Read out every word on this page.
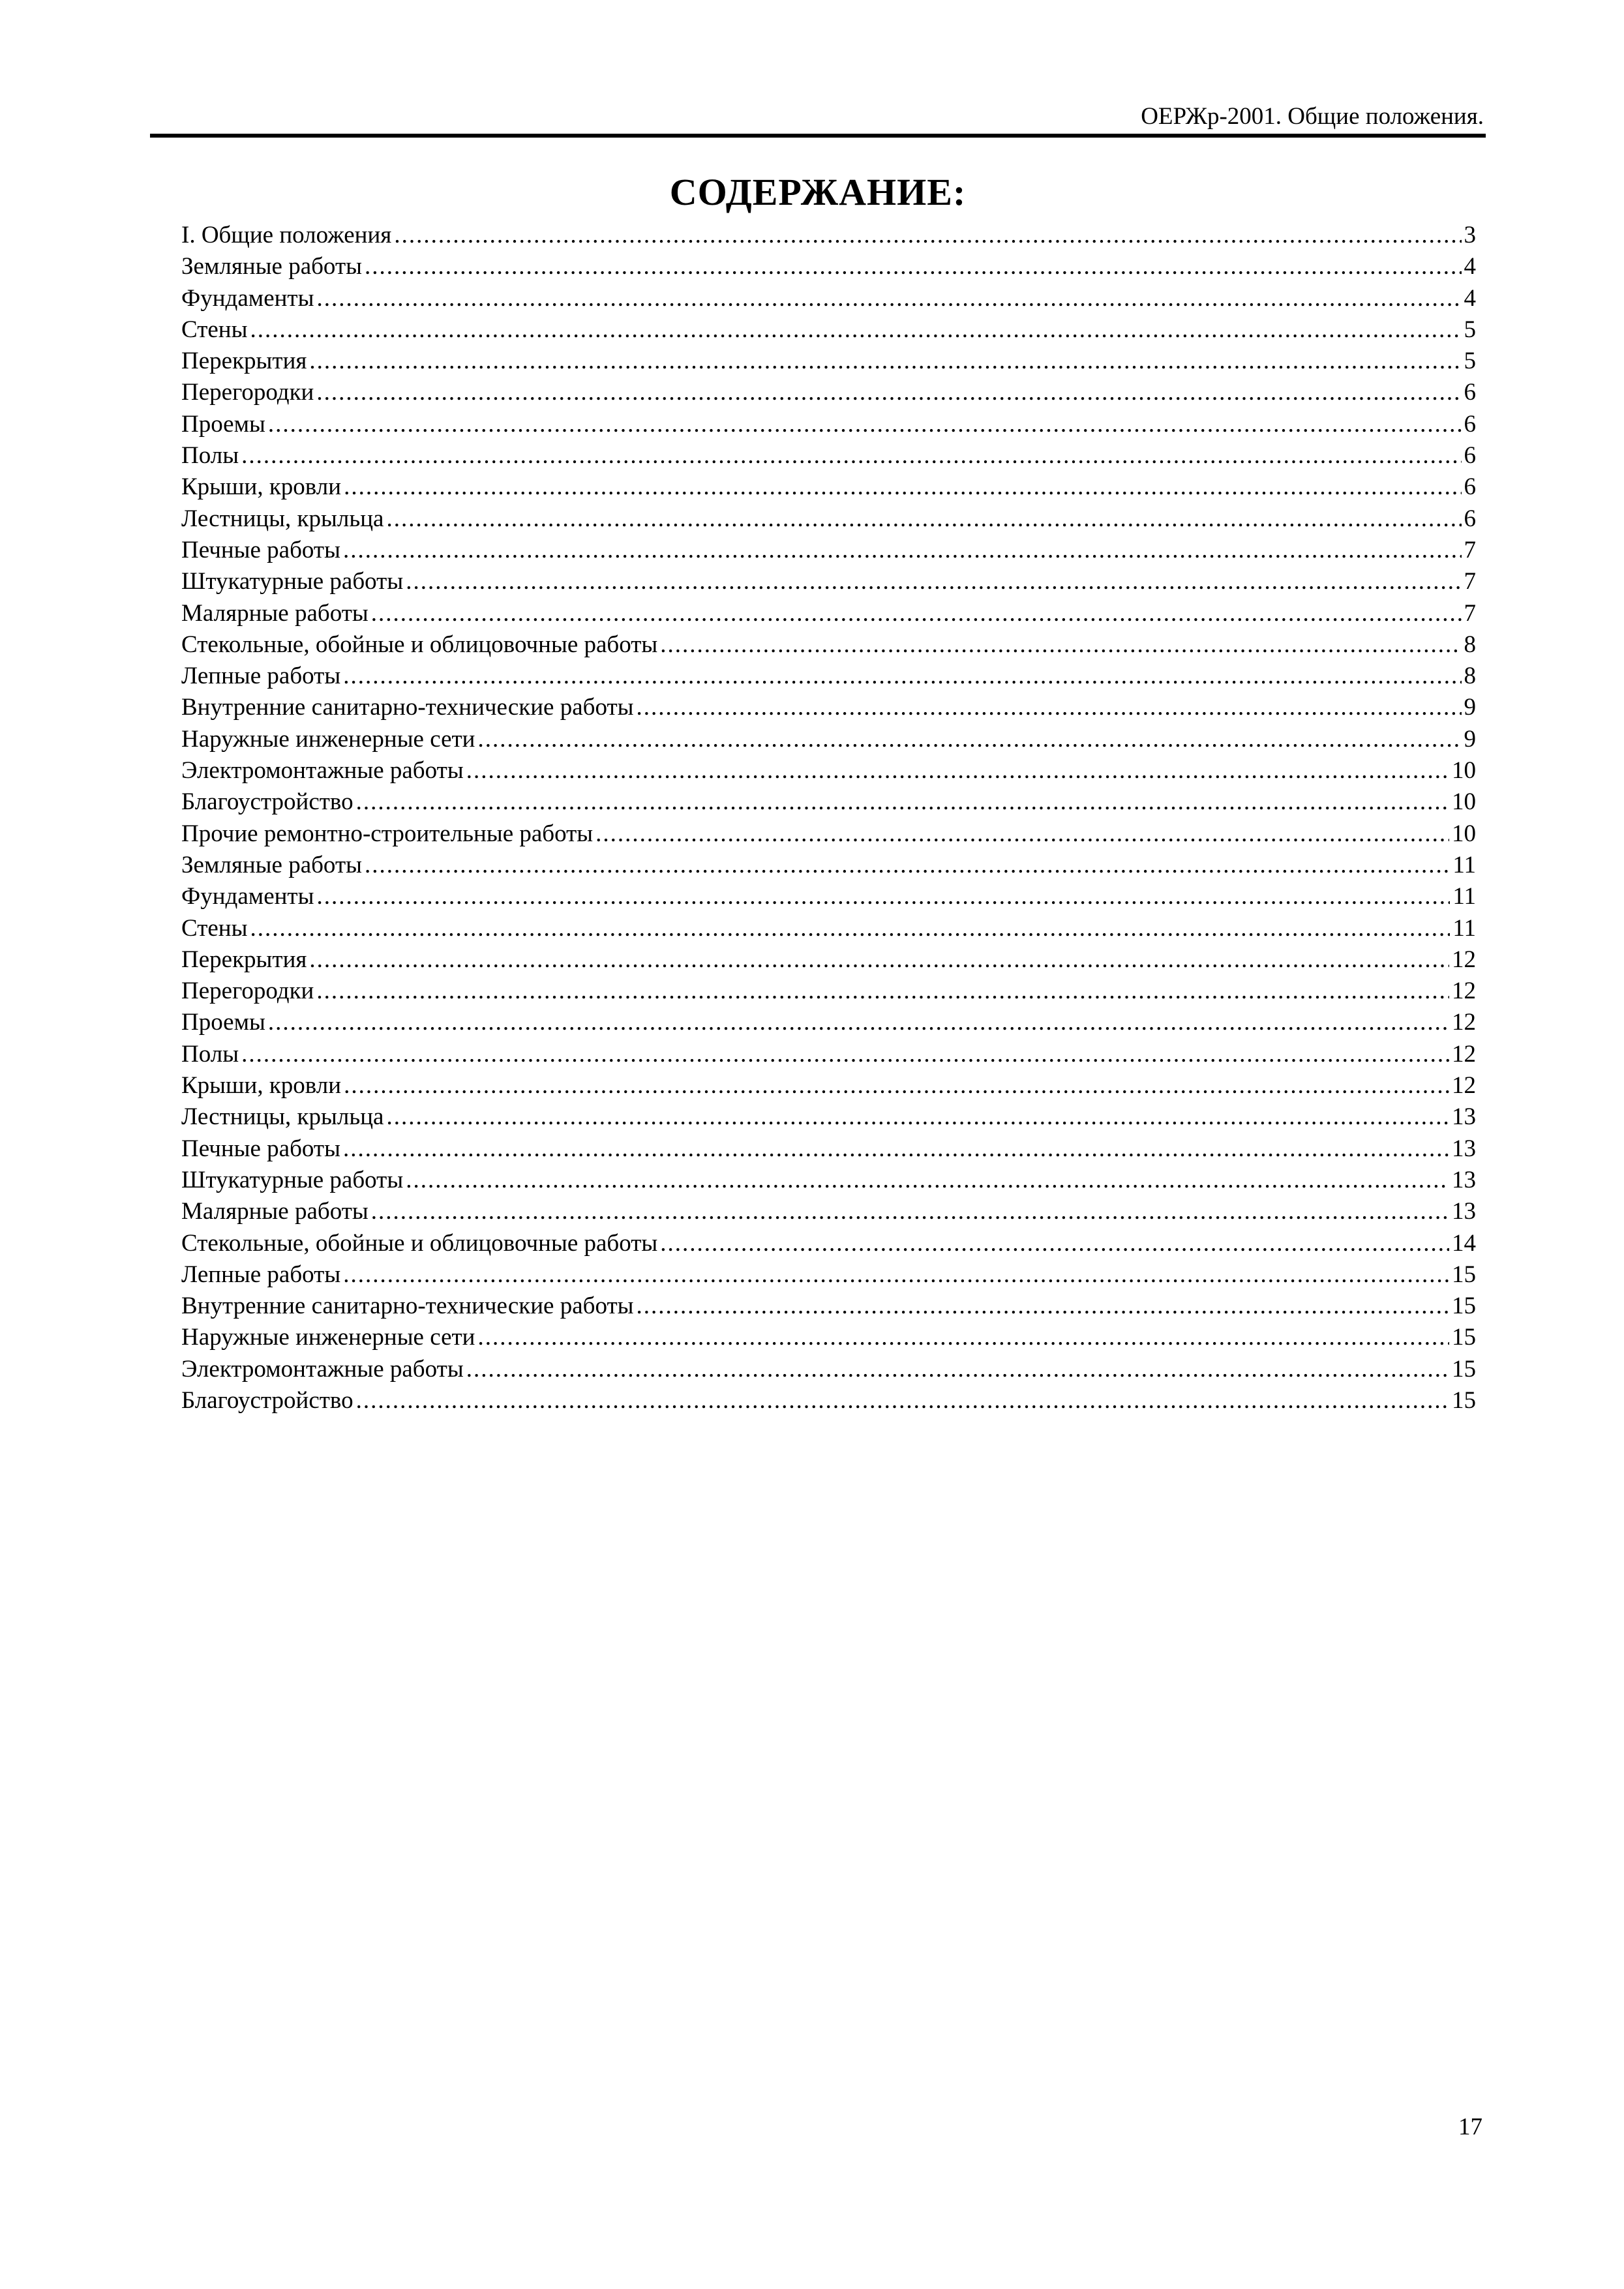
ОЕРЖр-2001. Общие положения.
СОДЕРЖАНИЕ:
I. Общие положения .....	3
Земляные работы .....	4
Фундаменты .....	4
Стены .....	5
Перекрытия .....	5
Перегородки .....	6
Проемы .....	6
Полы .....	6
Крыши, кровли .....	6
Лестницы, крыльца .....	6
Печные работы .....	7
Штукатурные работы .....	7
Малярные работы .....	7
Стекольные, обойные и облицовочные работы .....	8
Лепные работы .....	8
Внутренние санитарно-технические работы .....	9
Наружные инженерные сети .....	9
Электромонтажные работы .....	10
Благоустройство .....	10
Прочие ремонтно-строительные работы .....	10
Земляные работы .....	11
Фундаменты .....	11
Стены .....	11
Перекрытия .....	12
Перегородки .....	12
Проемы .....	12
Полы .....	12
Крыши, кровли .....	12
Лестницы, крыльца .....	13
Печные работы .....	13
Штукатурные работы .....	13
Малярные работы .....	13
Стекольные, обойные и облицовочные работы .....	14
Лепные работы .....	15
Внутренние санитарно-технические работы .....	15
Наружные инженерные сети .....	15
Электромонтажные работы .....	15
Благоустройство .....	15
17
